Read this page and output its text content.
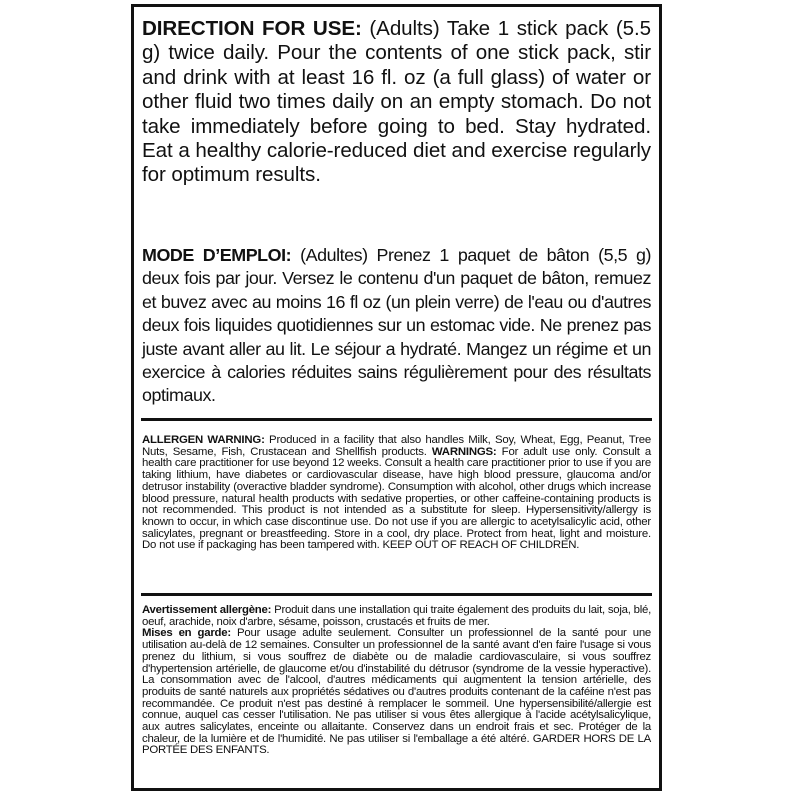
DIRECTION FOR USE: (Adults) Take 1 stick pack (5.5 g) twice daily. Pour the contents of one stick pack, stir and drink with at least 16 fl. oz (a full glass) of water or other fluid two times daily on an empty stomach. Do not take immediately before going to bed. Stay hydrated. Eat a healthy calorie-reduced diet and exercise regularly for optimum results.

MODE D’EMPLOI: (Adultes) Prenez 1 paquet de bâton (5,5 g) deux fois par jour. Versez le contenu d'un paquet de bâton, remuez et buvez avec au moins 16 fl oz (un plein verre) de l'eau ou d'autres deux fois liquides quotidiennes sur un estomac vide. Ne prenez pas juste avant aller au lit. Le séjour a hydraté. Mangez un régime et un exercice à calories réduites sains régulièrement pour des résultats optimaux.

ALLERGEN WARNING: Produced in a facility that also handles Milk, Soy, Wheat, Egg, Peanut, Tree Nuts, Sesame, Fish, Crustacean and Shellfish products. WARNINGS: For adult use only. Consult a health care practitioner for use beyond 12 weeks. Consult a health care practitioner prior to use if you are taking lithium, have diabetes or cardiovascular disease, have high blood pressure, glaucoma and/or detrusor instability (overactive bladder syndrome). Consumption with alcohol, other drugs which increase blood pressure, natural health products with sedative properties, or other caffeine-containing products is not recommended. This product is not intended as a substitute for sleep. Hypersensitivity/allergy is known to occur, in which case discontinue use. Do not use if you are allergic to acetylsalicylic acid, other salicylates, pregnant or breastfeeding. Store in a cool, dry place. Protect from heat, light and moisture. Do not use if packaging has been tampered with. KEEP OUT OF REACH OF CHILDREN.

Avertissement allergène: Produit dans une installation qui traite également des produits du lait, soja, blé, oeuf, arachide, noix d'arbre, sésame, poisson, crustacés et fruits de mer.

Mises en garde: Pour usage adulte seulement. Consulter un professionnel de la santé pour une utilisation au-delà de 12 semaines. Consulter un professionnel de la santé avant d'en faire l'usage si vous prenez du lithium, si vous souffrez de diabète ou de maladie cardiovasculaire, si vous souffrez d'hypertension artérielle, de glaucome et/ou d'instabilité du détrusor (syndrome de la vessie hyperactive). La consommation avec de l'alcool, d'autres médicaments qui augmentent la tension artérielle, des produits de santé naturels aux propriétés sédatives ou d'autres produits contenant de la caféine n'est pas recommandée. Ce produit n'est pas destiné à remplacer le sommeil. Une hypersensibilité/allergie est connue, auquel cas cesser l'utilisation. Ne pas utiliser si vous êtes allergique à l'acide acétylsalicylique, aux autres salicylates, enceinte ou allaitante. Conservez dans un endroit frais et sec. Protéger de la chaleur, de la lumière et de l'humidité. Ne pas utiliser si l'emballage a été altéré. GARDER HORS DE LA PORTÉE DES ENFANTS.
